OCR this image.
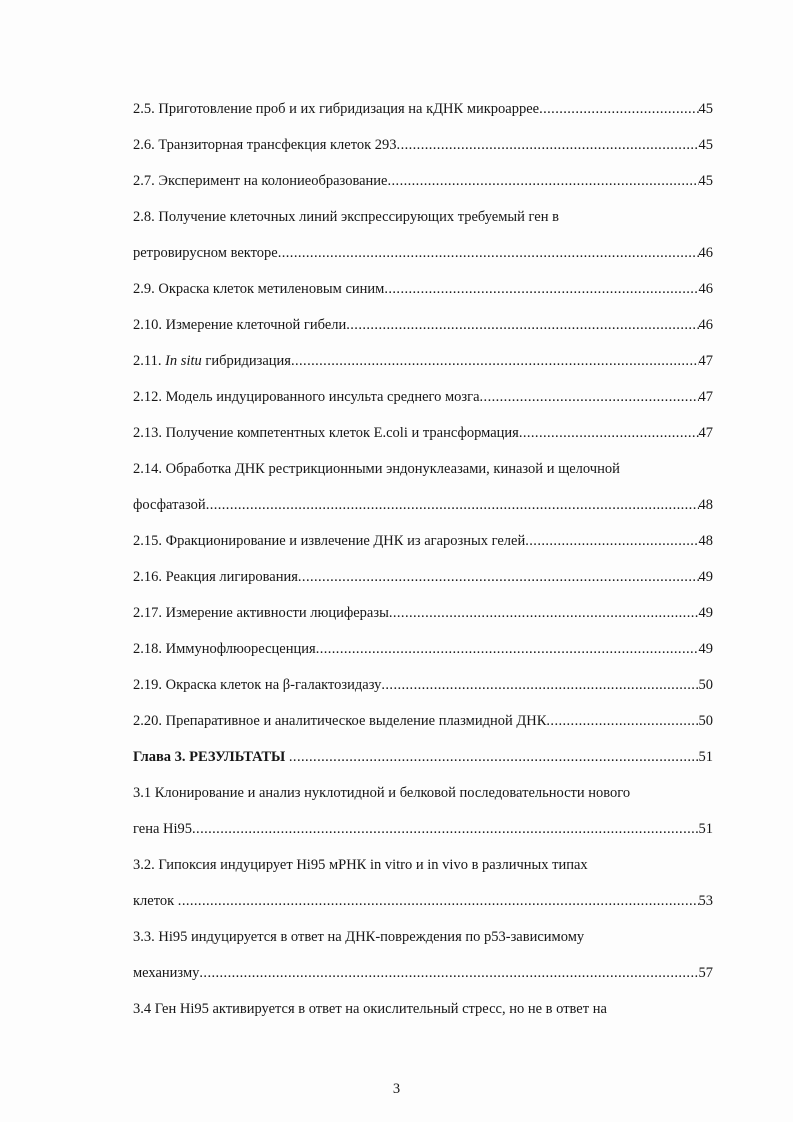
2.5. Приготовление проб и их гибридизация на кДНК микроаррее .....	45
2.6. Транзиторная трансфекция клеток 293 .....	45
2.7. Эксперимент на колониеобразование .....	45
2.8. Получение клеточных линий экспрессирующих требуемый ген в
ретровирусном векторе .....	46
2.9. Окраска клеток метиленовым синим .....	46
2.10. Измерение клеточной гибели .....	46
2.11. In situ гибридизация .....	47
2.12. Модель индуцированного инсульта среднего мозга .....	47
2.13. Получение компетентных клеток E.coli и трансформация .....	47
2.14. Обработка ДНК рестрикционными эндонуклеазами, киназой и щелочной
фосфатазой .....	48
2.15. Фракционирование и извлечение ДНК из агарозных гелей .....	48
2.16. Реакция лигирования .....	49
2.17. Измерение активности люциферазы .....	49
2.18. Иммунофлюоресценция .....	49
2.19. Окраска клеток на β-галактозидазу .....	50
2.20. Препаративное и аналитическое выделение плазмидной ДНК .....	50
Глава 3. РЕЗУЛЬТАТЫ .....	51
3.1 Клонирование и анализ нуклотидной и белковой последовательности нового
гена Hi95 .....	51
3.2. Гипоксия индуцирует Hi95 мРНК in vitro и in vivo в различных типах
клеток .....	53
3.3. Hi95 индуцируется в ответ на ДНК-повреждения по р53-зависимому
механизму .....	57
3.4 Ген Hi95 активируется в ответ на окислительный стресс, но не в ответ на
3
